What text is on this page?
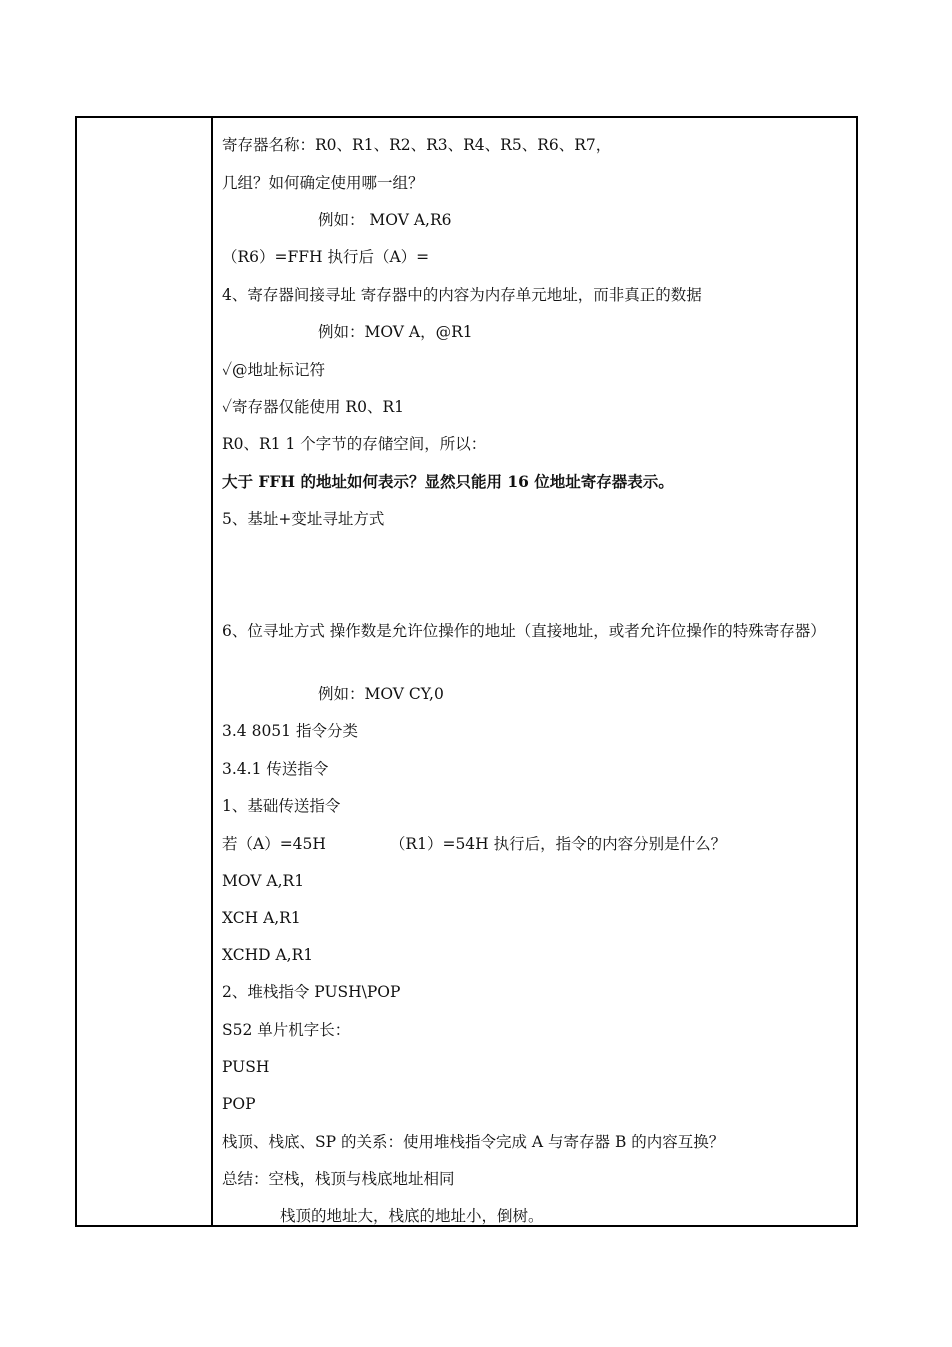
寄存器名称：R0、R1、R2、R3、R4、R5、R6、R7，
几组？如何确定使用哪一组？
例如： MOV A,R6
（R6）=FFH 执行后（A）=
4、寄存器间接寻址 寄存器中的内容为内存单元地址，而非真正的数据
例如：MOV A，@R1
✓@地址标记符
✓寄存器仅能使用 R0、R1
R0、R1 1 个字节的存储空间，所以：
大于 FFH 的地址如何表示？显然只能用 16 位地址寄存器表示。
5、基址+变址寻址方式
6、位寻址方式 操作数是允许位操作的地址（直接地址，或者允许位操作的特殊寄存器）
例如：MOV CY,0
3.4 8051 指令分类
3.4.1 传送指令
1、基础传送指令
若（A）=45H	（R1）=54H 执行后，指令的内容分别是什么？
MOV A,R1
XCH A,R1
XCHD A,R1
2、堆栈指令 PUSH\POP
S52 单片机字长：
PUSH
POP
栈顶、栈底、SP 的关系：使用堆栈指令完成 A 与寄存器 B 的内容互换？
总结：空栈，栈顶与栈底地址相同
栈顶的地址大，栈底的地址小，倒树。
